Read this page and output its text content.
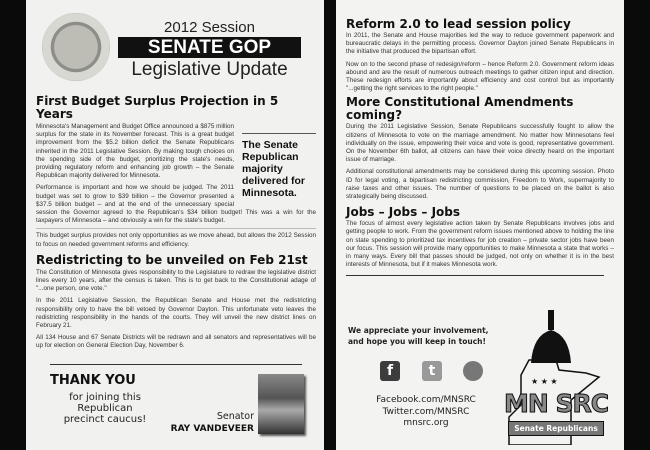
2012 Session
SENATE GOP
Legislative Update
First Budget Surplus Projection in 5 Years
The Senate Republican majority delivered for Minnesota.

Minnesota's Management and Budget Office announced a $875 million surplus for the state in its November forecast. This is a great budget improvement from the $5.2 billion deficit the Senate Republicans inherited in the 2011 Legislative Session. By making tough choices on the spending side of the budget, prioritizing the state's needs, providing regulatory reform and enhancing job growth – the Senate Republican majority delivered for Minnesota.

Performance is important and how we should be judged. The 2011 budget was set to grow to $39 billion – the Governor presented a $37.5 billion budget – and at the end of the unnecessary special session the Governor agreed to the Republican's $34 billion budget! This was a win for the taxpayers of Minnesota – and obviously a win for the state's budget.

This budget surplus provides not only opportunities as we move ahead, but allows the 2012 Session to focus on needed government reforms and efficiency.

Redistricting to be unveiled on Feb 21st

The Constitution of Minnesota gives responsibility to the Legislature to redraw the legislative district lines every 10 years, after the census is taken. This is to get back to the Constitutional adage of "...one person, one vote."

In the 2011 Legislative Session, the Republican Senate and House met the redistricting responsibility only to have the bill vetoed by Governor Dayton. This unfortunate veto leaves the redistricting responsibility in the hands of the courts. They will unveil the new district lines on February 21.

All 134 House and 67 Senate Districts will be redrawn and all senators and representatives will be up for election on General Election Day, November 6.

THANK YOU
for joining this
Republican
precinct caucus!	Senator
RAY VANDEVEER
Reform 2.0 to lead session policy

In 2011, the Senate and House majorities led the way to reduce government paperwork and bureaucratic delays in the permitting process. Governor Dayton joined Senate Republicans in the initiative that produced the bipartisan effort.

Now on to the second phase of redesign/reform – hence Reform 2.0. Government reform ideas abound and are the result of numerous outreach meetings to gather citizen input and direction. These redesign efforts are importantly about efficiency and cost control but as importantly "...getting the right services to the right people."

More Constitutional Amendments coming?

During the 2011 Legislative Session, Senate Republicans successfully fought to allow the citizens of Minnesota to vote on the marriage amendment. No matter how Minnesotans feel individually on the issue, empowering their voice and vote is good, representative government. On the November 6th ballot, all citizens can have their voice directly heard on the important issue of marriage.

Additional constitutional amendments may be considered during this upcoming session. Photo ID for legal voting, a bipartisan redistricting commission, Freedom to Work, supermajority to raise taxes and other issues. The number of questions to be placed on the ballot is also strategically being discussed.

Jobs – Jobs – Jobs

The focus of almost every legislative action taken by Senate Republicans involves jobs and getting people to work. From the government reform issues mentioned above to holding the line on state spending to prioritized tax incentives for job creation – private sector jobs have been our focus. This session will provide many opportunities to make Minnesota a state that works – in many ways. Every bill that passes should be judged, not only on whether it is in the best interests of Minnesota, but if it makes Minnesota work.

We appreciate your involvement,
and hope you will keep in touch!
f	t
Facebook.com/MNSRC
Twitter.com/MNSRC
mnsrc.org
★ ★ ★
MN SRC
Senate Republicans
